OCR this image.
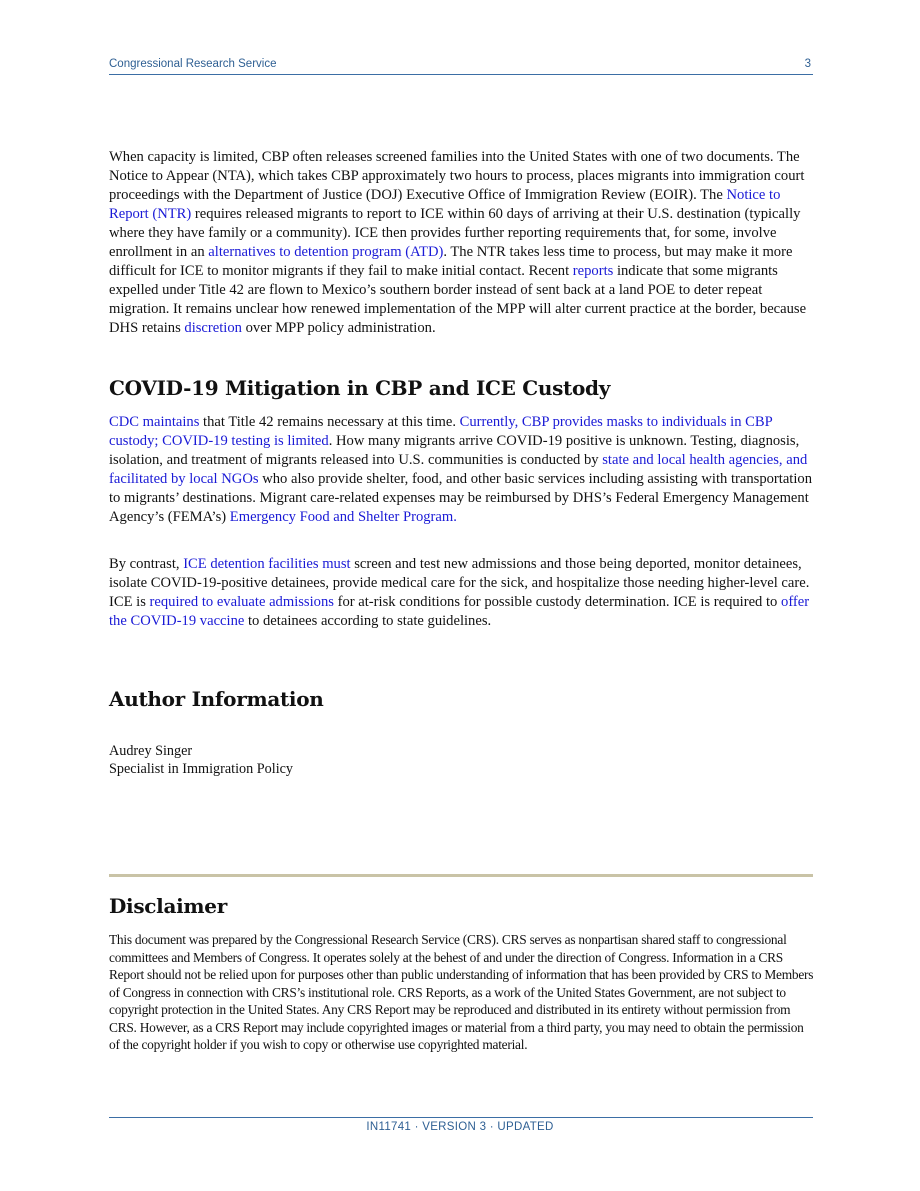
Congressional Research Service	3

When capacity is limited, CBP often releases screened families into the United States with one of two documents. The Notice to Appear (NTA), which takes CBP approximately two hours to process, places migrants into immigration court proceedings with the Department of Justice (DOJ) Executive Office of Immigration Review (EOIR). The Notice to Report (NTR) requires released migrants to report to ICE within 60 days of arriving at their U.S. destination (typically where they have family or a community). ICE then provides further reporting requirements that, for some, involve enrollment in an alternatives to detention program (ATD). The NTR takes less time to process, but may make it more difficult for ICE to monitor migrants if they fail to make initial contact. Recent reports indicate that some migrants expelled under Title 42 are flown to Mexico’s southern border instead of sent back at a land POE to deter repeat migration. It remains unclear how renewed implementation of the MPP will alter current practice at the border, because DHS retains discretion over MPP policy administration.

COVID-19 Mitigation in CBP and ICE Custody

CDC maintains that Title 42 remains necessary at this time. Currently, CBP provides masks to individuals in CBP custody; COVID-19 testing is limited. How many migrants arrive COVID-19 positive is unknown. Testing, diagnosis, isolation, and treatment of migrants released into U.S. communities is conducted by state and local health agencies, and facilitated by local NGOs who also provide shelter, food, and other basic services including assisting with transportation to migrants’ destinations. Migrant care-related expenses may be reimbursed by DHS’s Federal Emergency Management Agency’s (FEMA’s) Emergency Food and Shelter Program.

By contrast, ICE detention facilities must screen and test new admissions and those being deported, monitor detainees, isolate COVID-19-positive detainees, provide medical care for the sick, and hospitalize those needing higher-level care. ICE is required to evaluate admissions for at-risk conditions for possible custody determination. ICE is required to offer the COVID-19 vaccine to detainees according to state guidelines.

Author Information
Audrey Singer
Specialist in Immigration Policy
Disclaimer
This document was prepared by the Congressional Research Service (CRS). CRS serves as nonpartisan shared staff to congressional committees and Members of Congress. It operates solely at the behest of and under the direction of Congress. Information in a CRS Report should not be relied upon for purposes other than public understanding of information that has been provided by CRS to Members of Congress in connection with CRS’s institutional role. CRS Reports, as a work of the United States Government, are not subject to copyright protection in the United States. Any CRS Report may be reproduced and distributed in its entirety without permission from CRS. However, as a CRS Report may include copyrighted images or material from a third party, you may need to obtain the permission of the copyright holder if you wish to copy or otherwise use copyrighted material.
IN11741 · VERSION 3 · UPDATED
